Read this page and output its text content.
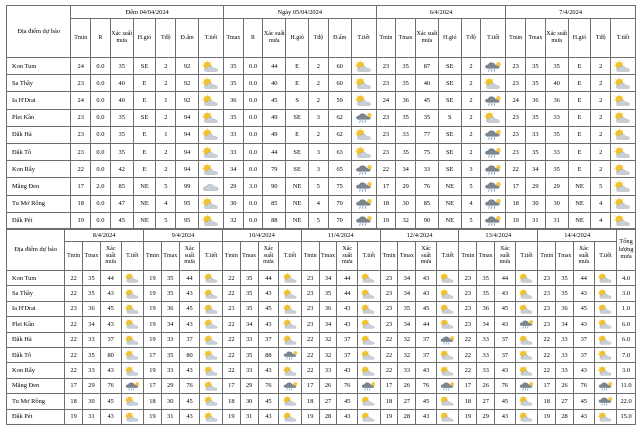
Địa điểm dự báo	Đêm 04/04/2024							Ngày 05/04/2024							6/4/2024						7/4/2024					
	Tmin	R	Xác suất mưa	H.gió	Tđộ	Đ.ẩm	T.tiết	Tmax	R	Xác suất mưa	H.gió	Tđộ	Đ.ẩm	T.tiết	Tmin	Tmax	Xác suất mưa	H.gió	Tđộ	T.tiết	Tmin	Tmax	Xác suất mưa	H.gió	Tđộ	T.tiết
Kon Tum	24	0.0	35	SE	2	92		35	0.0	44	E	2	60		23	35	87	SE	2		23	35	35	E	2	

Sa Thầy	23	0.0	40	E	2	92		35	0.0	40	E	2	60		23	35	40	SE	2		23	35	40	E	2	

Ia H'Drai	24	0.0	40	E	1	92		36	0.0	45	S	2	59		24	36	45	SE	2		24	36	36	E	2	

Plei Kần	23	0.0	35	SE	2	94		35	0.0	49	SE	3	62		23	35	35	S	2		23	35	33	E	2	

Đăk Hà	23	0.0	35	E	1	94		33	0.0	49	E	2	62		23	33	77	SE	2		23	33	35	E	2	

Đăk Tô	23	0.0	35	E	2	94		33	0.0	44	SE	3	63		23	35	75	SE	2		23	35	33	E	2	

Kon Rẫy	22	0.0	42	E	2	94		34	0.0	79	SE	3	65		22	34	33	SE	3		22	34	35	E	2	

Măng Đen	17	2.0	85	NE	5	99		29	3.0	90	NE	5	75		17	29	76	NE	5		17	29	29	NE	5	

Tu Mơ Rông	18	0.0	47	NE	4	95		30	0.0	85	NE	4	70		18	30	85	NE	4		18	30	30	NE	4	

Đăk Pét	19	0.0	45	NE	5	95		32	0.0	88	NE	5	70		19	32	90	NE	5		19	31	31	NE	4	
Địa điểm dự báo	8/4/2024				9/4/2024				10/4/2024				11/4/2024				12/4/2024				13/4/2024				14/4/2024				Tổng lượng mưa
	Tmin	Tmax	Xác suất mưa	T.tiết	Tmin	Tmax	Xác suất mưa	T.tiết	Tmin	Tmax	Xác suất mưa	T.tiết	Tmin	Tmax	Xác suất mưa	T.tiết	Tmin	Tmax	Xác suất mưa	T.tiết	Tmin	Tmax	Xác suất mưa	T.tiết	Tmin	Tmax	Xác suất mưa	T.tiết	
Kon Tum	22	35	44		19	35	44		22	35	44		23	34	44		23	34	43		23	35	44		23	35	44		4.0
Sa Thầy	22	35	43		19	35	43		22	35	43		23	35	44		23	34	43		23	35	43		23	35	43		3.0
Ia H'Drai	23	36	45		19	36	45		23	35	45		23	36	43		23	35	45		23	36	45		23	36	45		1.0
Plei Kần	22	34	43		19	34	43		22	34	43		23	34	43		23	34	44		23	34	43		23	34	43		6.0
Đăk Hà	22	33	37		19	33	37		22	33	37		22	32	37		22	32	37		22	33	37		22	33	37		6.0
Đăk Tô	22	35	80		17	35	80		22	35	88		22	32	37		22	32	37		22	33	37		22	33	37		7.0
Kon Rẫy	22	33	43		19	33	43		22	33	43		22	33	43		22	33	43		22	33	43		22	33	43		3.0
Măng Đen	17	29	76		17	29	76		17	29	76		17	26	76		17	26	76		17	26	76		17	26	76		11.0
Tu Mơ Rông	18	30	45		18	30	45		18	30	45		18	27	45		18	27	45		18	27	45		18	27	45		22.0
Đăk Pét	19	31	43		19	31	43		19	31	43		19	28	43		19	28	43		19	29	43		19	28	43		15.0
